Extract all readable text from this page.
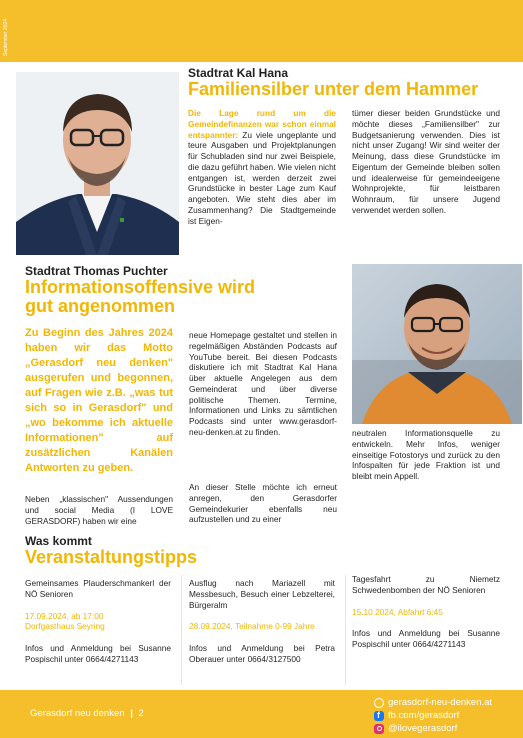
September 2024
Stadtrat Kal Hana
Familiensilber unter dem Hammer
Die Lage rund um die Gemeindefinanzen war schon einmal entspannter: Zu viele ungeplante und teure Ausgaben und Projektplanungen für Schubladen sind nur zwei Beispiele, die dazu geführt haben. Wie vielen nicht entgangen ist, werden derzeit zwei Grundstücke in bester Lage zum Kauf angeboten. Wie steht dies aber im Zusammenhang? Die Stadtgemeinde ist Eigen-
tümer dieser beiden Grundstücke und möchte dieses „Familiensilber" zur Budgetsanierung verwenden. Dies ist nicht unser Zugang! Wir sind weiter der Meinung, dass diese Grundstücke im Eigentum der Gemeinde bleiben sollen und idealerweise für gemeindeeigene Wohnprojekte, für leistbaren Wohnraum, für unsere Jugend verwendet werden sollen.
Stadtrat Thomas Puchter
Informationsoffensive wird
gut angenommen
Zu Beginn des Jahres 2024 haben wir das Motto „Gerasdorf neu denken" ausgerufen und begonnen, auf Fragen wie z.B. „was tut sich so in Gerasdorf" und „wo bekomme ich aktuelle Informationen" auf zusätzlichen Kanälen Antworten zu geben.
Neben „klassischen" Aussendungen und social Media (I LOVE GERASDORF) haben wir eine
neue Homepage gestaltet und stellen in regelmäßigen Abständen Podcasts auf YouTube bereit. Bei diesen Podcasts diskutiere ich mit Stadtrat Kal Hana über aktuelle Angelegen aus dem Gemeinderat und über diverse politische Themen. Termine, Informationen und Links zu sämtlichen Podcasts sind unter www.gerasdorf-neu-denken.at zu finden.
An dieser Stelle möchte ich erneut anregen, den Gerasdorfer Gemeindekurier ebenfalls neu aufzustellen und zu einer
neutralen Informationsquelle zu entwickeln. Mehr Infos, weniger einseitige Fotostorys und zurück zu den Infospalten für jede Fraktion ist und bleibt mein Appell.
Was kommt
Veranstaltungstipps
Gemeinsames Plauderschmankerl der NÖ Senioren
17.09.2024, ab 17:00
Dorfgasthaus Seyring
Infos und Anmeldung bei Susanne Pospischil unter 0664/4271143
Ausflug nach Mariazell mit Messbesuch, Besuch einer Lebzelterei, Bürgeralm
28.09.2024, Teilnahme 0-99 Jahre
Infos und Anmeldung bei Petra Oberauer unter 0664/3127500
Tagesfahrt zu Niemetz Schwedenbomben der NÖ Senioren
15.10.2024, Abfahrt 6:45
Infos und Anmeldung bei Susanne Pospischil unter 0664/4271143
Gerasdorf neu denken | 2
gerasdorf-neu-denken.at
f
fb.com/gerasdorf
@ilovegerasdorf
